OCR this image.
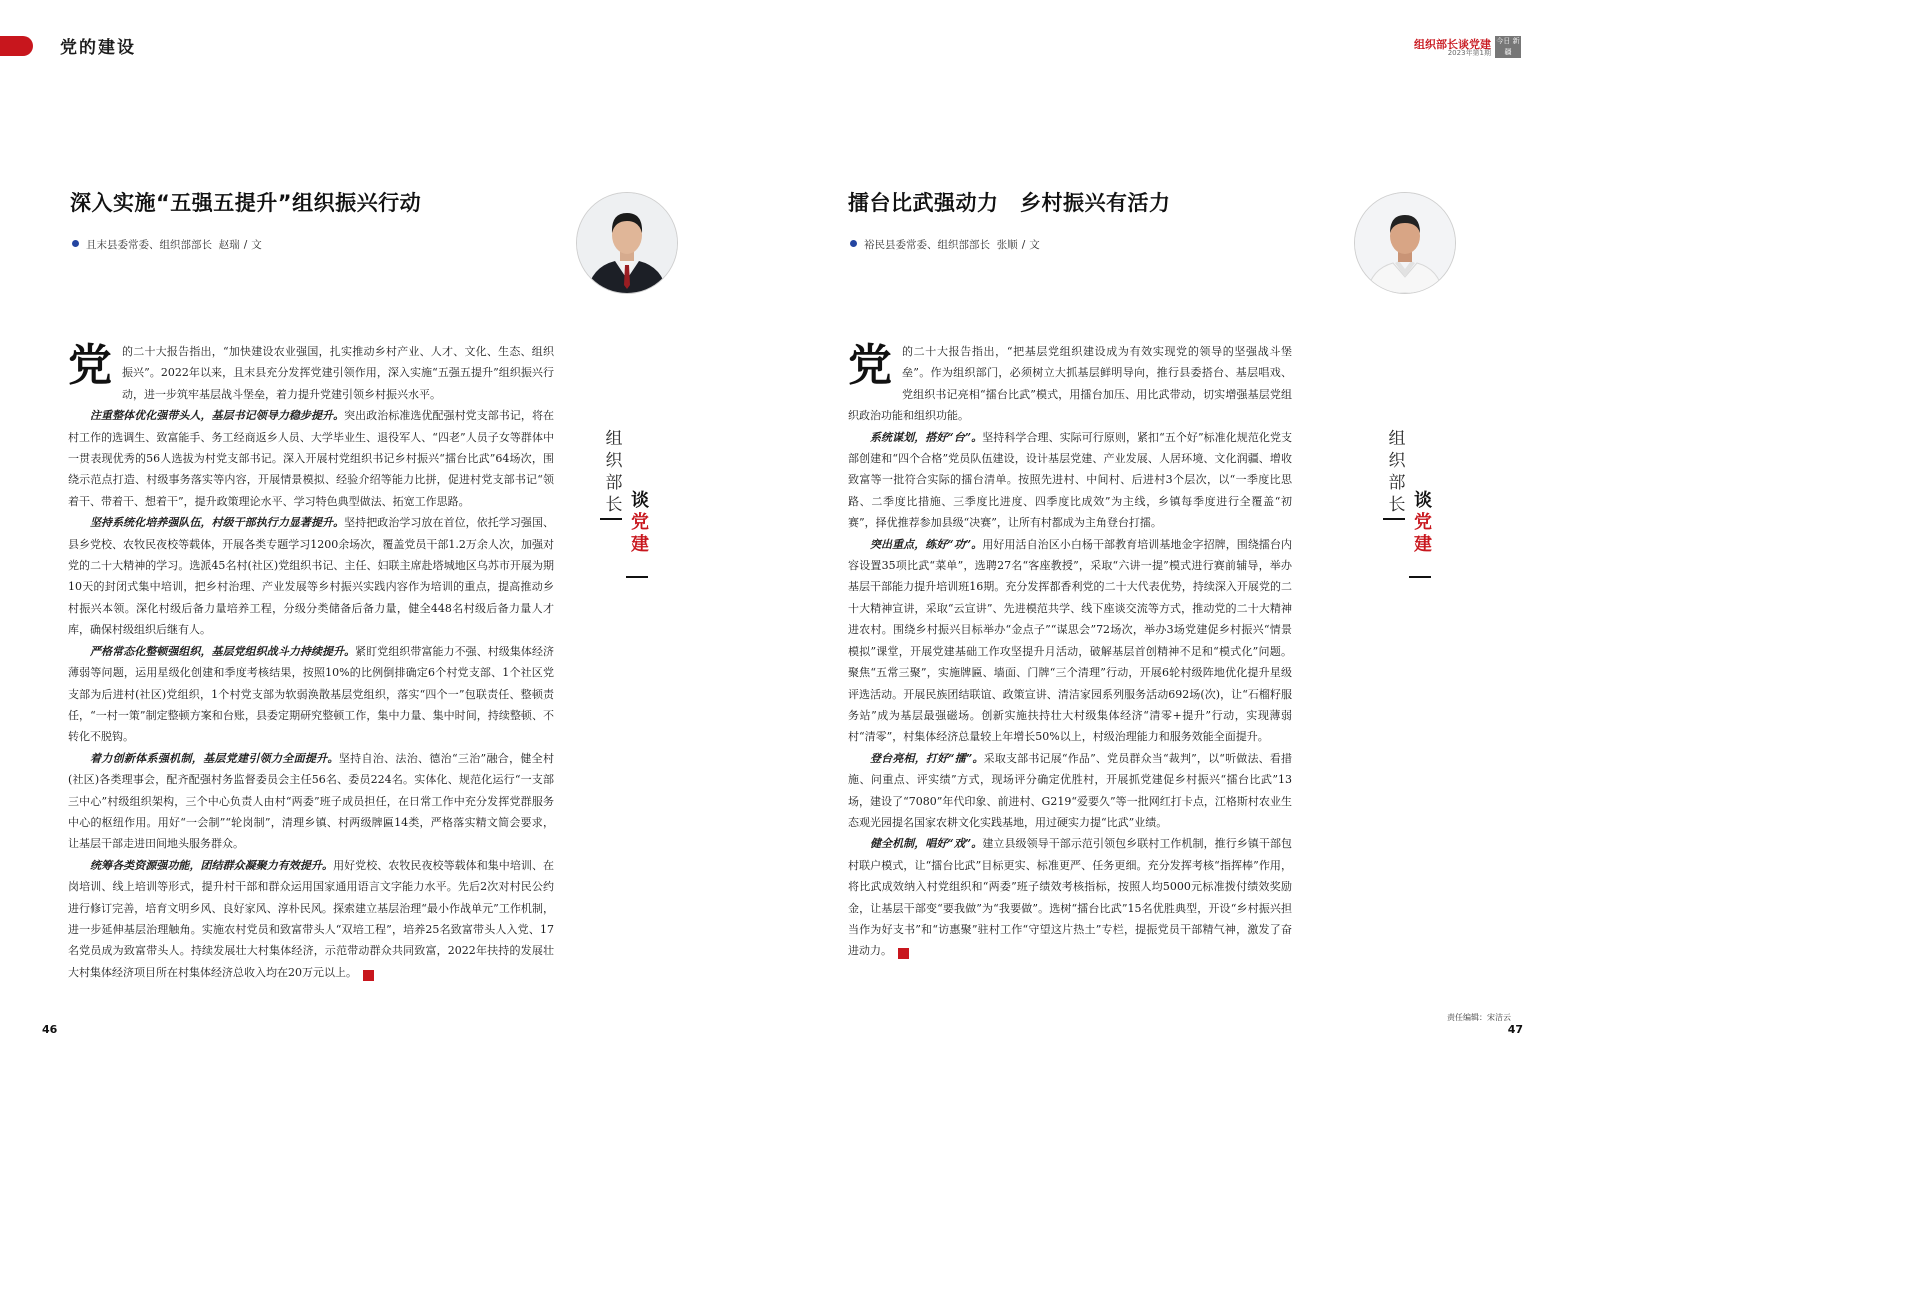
党的建设	组织部长谈党建
2023年第1期
今日 新疆
深入实施“五强五提升”组织振兴行动
且末县委常委、组织部部长 赵瑞 / 文

党的二十大报告指出，“加快建设农业强国，扎实推动乡村产业、人才、文化、生态、组织振兴”。2022年以来，且末县充分发挥党建引领作用，深入实施“五强五提升”组织振兴行动，进一步筑牢基层战斗堡垒，着力提升党建引领乡村振兴水平。

注重整体优化强带头人，基层书记领导力稳步提升。突出政治标准选优配强村党支部书记，将在村工作的选调生、致富能手、务工经商返乡人员、大学毕业生、退役军人、“四老”人员子女等群体中一贯表现优秀的56人选拔为村党支部书记。深入开展村党组织书记乡村振兴“擂台比武”64场次，围绕示范点打造、村级事务落实等内容，开展情景模拟、经验介绍等能力比拼，促进村党支部书记“领着干、带着干、想着干”，提升政策理论水平、学习特色典型做法、拓宽工作思路。

坚持系统化培养强队伍，村级干部执行力显著提升。坚持把政治学习放在首位，依托学习强国、县乡党校、农牧民夜校等载体，开展各类专题学习1200余场次，覆盖党员干部1.2万余人次，加强对党的二十大精神的学习。选派45名村(社区)党组织书记、主任、妇联主席赴塔城地区乌苏市开展为期10天的封闭式集中培训，把乡村治理、产业发展等乡村振兴实践内容作为培训的重点，提高推动乡村振兴本领。深化村级后备力量培养工程，分级分类储备后备力量，健全448名村级后备力量人才库，确保村级组织后继有人。

严格常态化整顿强组织，基层党组织战斗力持续提升。紧盯党组织带富能力不强、村级集体经济薄弱等问题，运用星级化创建和季度考核结果，按照10%的比例倒排确定6个村党支部、1个社区党支部为后进村(社区)党组织，1个村党支部为软弱涣散基层党组织，落实“四个一”包联责任、整顿责任，“一村一策”制定整顿方案和台账，县委定期研究整顿工作，集中力量、集中时间，持续整顿、不转化不脱钩。

着力创新体系强机制，基层党建引领力全面提升。坚持自治、法治、德治“三治”融合，健全村(社区)各类理事会，配齐配强村务监督委员会主任56名、委员224名。实体化、规范化运行“一支部三中心”村级组织架构，三个中心负责人由村“两委”班子成员担任，在日常工作中充分发挥党群服务中心的枢纽作用。用好“一会制”“轮岗制”，清理乡镇、村两级牌匾14类，严格落实精文简会要求，让基层干部走进田间地头服务群众。

统筹各类资源强功能，团结群众凝聚力有效提升。用好党校、农牧民夜校等载体和集中培训、在岗培训、线上培训等形式，提升村干部和群众运用国家通用语言文字能力水平。先后2次对村民公约进行修订完善，培育文明乡风、良好家风、淳朴民风。探索建立基层治理“最小作战单元”工作机制，进一步延伸基层治理触角。实施农村党员和致富带头人“双培工程”，培养25名致富带头人入党、17名党员成为致富带头人。持续发展壮大村集体经济，示范带动群众共同致富，2022年扶持的发展壮大村集体经济项目所在村集体经济总收入均在20万元以上。	J

组
织
部
长 谈
党
建
46
擂台比武强动力　乡村振兴有活力
裕民县委常委、组织部部长 张顺 / 文

党的二十大报告指出，“把基层党组织建设成为有效实现党的领导的坚强战斗堡垒”。作为组织部门，必须树立大抓基层鲜明导向，推行县委搭台、基层唱戏、党组织书记亮相“擂台比武”模式，用擂台加压、用比武带动，切实增强基层党组织政治功能和组织功能。

系统谋划，搭好“台”。坚持科学合理、实际可行原则，紧扣“五个好”标准化规范化党支部创建和“四个合格”党员队伍建设，设计基层党建、产业发展、人居环境、文化润疆、增收致富等一批符合实际的擂台清单。按照先进村、中间村、后进村3个层次，以“一季度比思路、二季度比措施、三季度比进度、四季度比成效”为主线，乡镇每季度进行全覆盖“初赛”，择优推荐参加县级“决赛”，让所有村都成为主角登台打擂。

突出重点，练好“功”。用好用活自治区小白杨干部教育培训基地金字招牌，围绕擂台内容设置35项比武“菜单”，选聘27名“客座教授”，采取“六讲一提”模式进行赛前辅导，举办基层干部能力提升培训班16期。充分发挥都香利党的二十大代表优势，持续深入开展党的二十大精神宣讲，采取“云宣讲”、先进模范共学、线下座谈交流等方式，推动党的二十大精神进农村。围绕乡村振兴目标举办“金点子”“谋思会”72场次，举办3场党建促乡村振兴“情景模拟”课堂，开展党建基础工作攻坚提升月活动，破解基层首创精神不足和“模式化”问题。聚焦“五常三聚”，实施牌匾、墙面、门牌“三个清理”行动，开展6轮村级阵地优化提升星级评选活动。开展民族团结联谊、政策宣讲、清洁家园系列服务活动692场(次)，让“石榴籽服务站”成为基层最强磁场。创新实施扶持壮大村级集体经济“清零+提升”行动，实现薄弱村“清零”，村集体经济总量较上年增长50%以上，村级治理能力和服务效能全面提升。

登台亮相，打好“擂”。采取支部书记展“作品”、党员群众当“裁判”，以“听做法、看措施、问重点、评实绩”方式，现场评分确定优胜村，开展抓党建促乡村振兴“擂台比武”13场，建设了“7080”年代印象、前进村、G219“爱要久”等一批网红打卡点，江格斯村农业生态观光园提名国家农耕文化实践基地，用过硬实力提“比武”业绩。

健全机制，唱好“戏”。建立县级领导干部示范引领包乡联村工作机制，推行乡镇干部包村联户模式，让“擂台比武”目标更实、标准更严、任务更细。充分发挥考核“指挥棒”作用，将比武成效纳入村党组织和“两委”班子绩效考核指标，按照人均5000元标准拨付绩效奖励金，让基层干部变“要我做”为“我要做”。选树“擂台比武”15名优胜典型，开设“乡村振兴担当作为好支书”和“访惠聚”驻村工作“守望这片热土”专栏，提振党员干部精气神，激发了奋进动力。	J

组
织
部
长 谈
党
建
责任编辑：宋洁云
47
